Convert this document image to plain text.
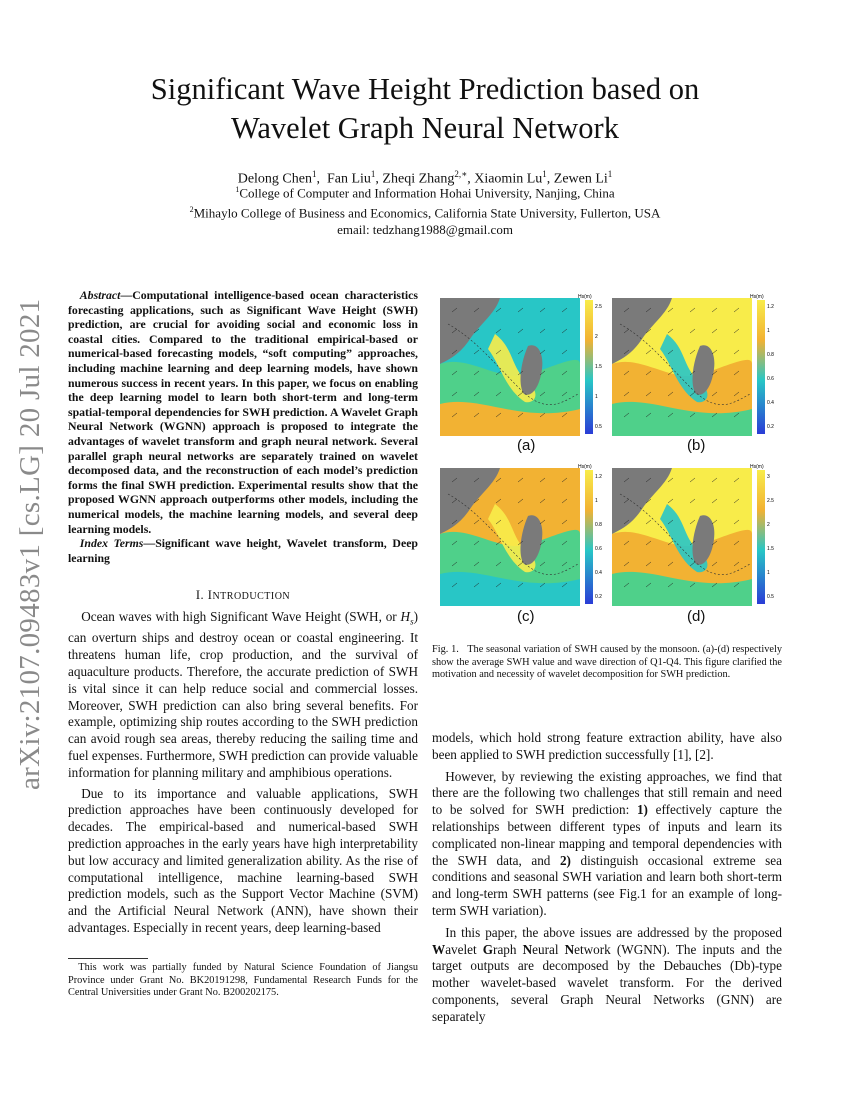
Significant Wave Height Prediction based on
Wavelet Graph Neural Network
Delong Chen$^1$,  Fan Liu$^1$, Zheqi Zhang$^{2,∗}$, Xiaomin Lu$^1$, Zewen Li$^1$
$^1$College of Computer and Information Hohai University, Nanjing, China
$^2$Mihaylo College of Business and Economics, California State University, Fullerton, USA
email: tedzhang1988@gmail.com
arXiv:2107.09483v1 [cs.LG] 20 Jul 2021

Abstract—Computational intelligence-based ocean characteristics forecasting applications, such as Significant Wave Height (SWH) prediction, are crucial for avoiding social and economic loss in coastal cities. Compared to the traditional empirical-based or numerical-based forecasting models, “soft computing” approaches, including machine learning and deep learning models, have shown numerous success in recent years. In this paper, we focus on enabling the deep learning model to learn both short-term and long-term spatial-temporal dependencies for SWH prediction. A Wavelet Graph Neural Network (WGNN) approach is proposed to integrate the advantages of wavelet transform and graph neural network. Several parallel graph neural networks are separately trained on wavelet decomposed data, and the reconstruction of each model’s prediction forms the final SWH prediction. Experimental results show that the proposed WGNN approach outperforms other models, including the numerical models, the machine learning models, and several deep learning models.

Index Terms—Significant wave height, Wavelet transform, Deep learning

I. INTRODUCTION

Ocean waves with high Significant Wave Height (SWH, or $H_s$) can overturn ships and destroy ocean or coastal engineering. It threatens human life, crop production, and the survival of aquaculture products. Therefore, the accurate prediction of SWH is vital since it can help reduce social and commercial losses. Moreover, SWH prediction can also bring several benefits. For example, optimizing ship routes according to the SWH prediction can avoid rough sea areas, thereby reducing the sailing time and fuel expenses. Furthermore, SWH prediction can provide valuable information for planning military and amphibious operations.

Due to its importance and valuable applications, SWH prediction approaches have been continuously developed for decades. The empirical-based and numerical-based SWH prediction approaches in the early years have high interpretability but low accuracy and limited generalization ability. As the rise of computational intelligence, machine learning-based SWH prediction models, such as the Support Vector Machine (SVM) and the Artificial Neural Network (ANN), have shown their advantages. Especially in recent years, deep learning-based

This work was partially funded by Natural Science Foundation of Jiangsu Province under Grant No. BK20191298, Fundamental Research Funds for the Central Universities under Grant No. B200202175.

Hs(m)
2.5
2
1.5
1
0.5
(a)
Hs(m)
1.2
1
0.8
0.6
0.4
0.2
(b)
Hs(m)
1.2
1
0.8
0.6
0.4
0.2
(c)
Hs(m)
3
2.5
2
1.5
1
0.5
(d)
Fig. 1. The seasonal variation of SWH caused by the monsoon. (a)-(d) respectively show the average SWH value and wave direction of Q1-Q4. This figure clarified the motivation and necessity of wavelet decomposition for SWH prediction.

models, which hold strong feature extraction ability, have also been applied to SWH prediction successfully [1], [2].

However, by reviewing the existing approaches, we find that there are the following two challenges that still remain and need to be solved for SWH prediction: 1) effectively capture the relationships between different types of inputs and learn its complicated non-linear mapping and temporal dependencies with the SWH data, and 2) distinguish occasional extreme sea conditions and seasonal SWH variation and learn both short-term and long-term SWH patterns (see Fig.1 for an example of long-term SWH variation).

In this paper, the above issues are addressed by the proposed Wavelet Graph Neural Network (WGNN). The inputs and the target outputs are decomposed by the Debauches (Db)-type mother wavelet-based wavelet transform. For the derived components, several Graph Neural Networks (GNN) are separately
